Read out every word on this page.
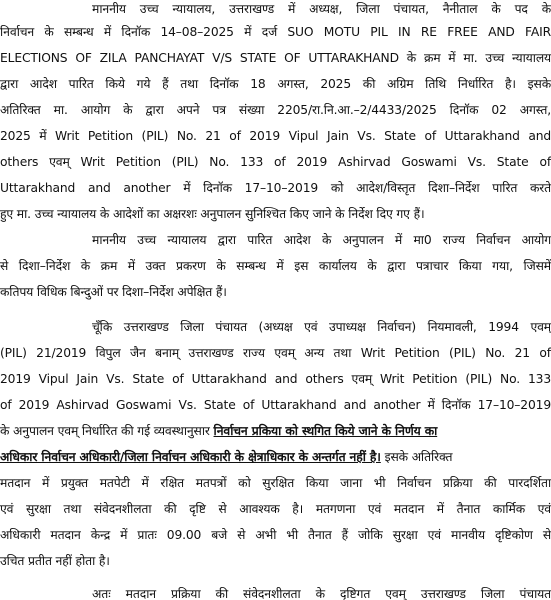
माननीय उच्च न्यायालय, उत्तराखण्ड में अध्यक्ष, जिला पंचायत, नैनीताल के पद के
निर्वाचन के सम्बन्ध में दिनॉक 14–08–2025 में दर्ज SUO MOTU PIL IN RE FREE AND FAIR
ELECTIONS OF ZILA PANCHAYAT V/S STATE OF UTTARAKHAND के क्रम में मा. उच्च न्यायालय
द्वारा आदेश पारित किये गये हैं तथा दिनॉक 18 अगस्त, 2025 की अग्रिम तिथि निर्धारित है। इसके
अतिरिक्त मा. आयोग के द्वारा अपने पत्र संख्या 2205/रा.नि.आ.–2/4433/2025 दिनॉक 02 अगस्त,
2025 में Writ Petition (PIL) No. 21 of 2019 Vipul Jain Vs. State of Uttarakhand and
others एवम् Writ Petition (PIL) No. 133 of 2019 Ashirvad Goswami Vs. State of
Uttarakhand and another में दिनॉक 17–10–2019 को आदेश/विस्तृत दिशा–निर्देश पारित करते
हुए मा. उच्च न्यायालय के आदेशों का अक्षरशः अनुपालन सुनिश्चित किए जाने के निर्देश दिए गए हैं।
माननीय उच्च न्यायालय द्वारा पारित आदेश के अनुपालन में मा0 राज्य निर्वाचन आयोग
से दिशा–निर्देश के क्रम में उक्त प्रकरण के सम्बन्ध में इस कार्यालय के द्वारा पत्राचार किया गया, जिसमें
कतिपय विधिक बिन्दुओं पर दिशा–निर्देश अपेक्षित हैं।
चूँकि उत्तराखण्ड जिला पंचायत (अध्यक्ष एवं उपाध्यक्ष निर्वाचन) नियमावली, 1994 एवम्
(PIL) 21/2019 विपुल जैन बनाम् उत्तराखण्ड राज्य एवम् अन्य तथा Writ Petition (PIL) No. 21 of
2019 Vipul Jain Vs. State of Uttarakhand and others एवम् Writ Petition (PIL) No. 133
of 2019 Ashirvad Goswami Vs. State of Uttarakhand and another में दिनॉक 17–10–2019
के अनुपालन एवम् निर्धारित की गई व्यवस्थानुसार निर्वाचन प्रकिया को स्थगित किये जाने के निर्णय का
अधिकार निर्वाचन अधिकारी/जिला निर्वाचन अधिकारी के क्षेत्राधिकार के अन्तर्गत नहीं है। इसके अतिरिक्त
मतदान में प्रयुक्त मतपेटी में रक्षित मतपत्रों को सुरक्षित किया जाना भी निर्वाचन प्रक्रिया की पारदर्शिता
एवं सुरक्षा तथा संवेदनशीलता की दृष्टि से आवश्यक है। मतगणना एवं मतदान में तैनात कार्मिक एवं
अधिकारी मतदान केन्द्र में प्रातः 09.00 बजे से अभी भी तैनात हैं जोकि सुरक्षा एवं मानवीय दृष्टिकोण से
उचित प्रतीत नहीं होता है।
अतः मतदान प्रक्रिया की संवेदनशीलता के दृष्टिगत एवम् उत्तराखण्ड जिला पंचायत
